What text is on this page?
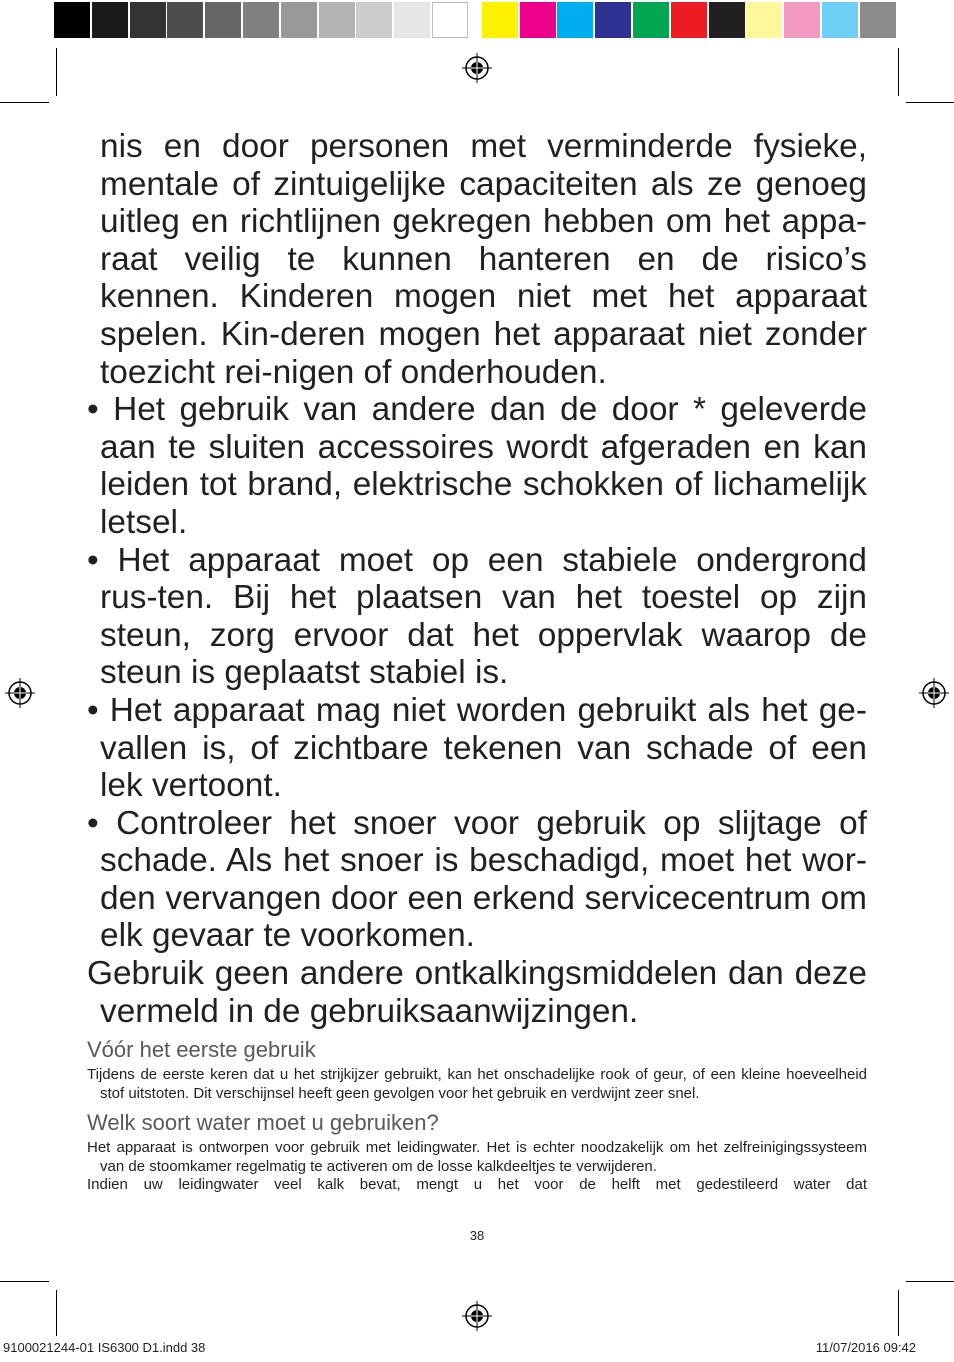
nis en door personen met verminderde fysieke, mentale of zintuigelijke capaciteiten als ze genoeg uitleg en richtlijnen gekregen hebben om het appa-raat veilig te kunnen hanteren en de risico’s kennen. Kinderen mogen niet met het apparaat spelen. Kin-deren mogen het apparaat niet zonder toezicht rei-nigen of onderhouden.

• Het gebruik van andere dan de door * geleverde aan te sluiten accessoires wordt afgeraden en kan leiden tot brand, elektrische schokken of lichamelijk letsel.

• Het apparaat moet op een stabiele ondergrond rus-ten. Bij het plaatsen van het toestel op zijn steun, zorg ervoor dat het oppervlak waarop de steun is geplaatst stabiel is.

• Het apparaat mag niet worden gebruikt als het ge-vallen is, of zichtbare tekenen van schade of een lek vertoont.

• Controleer het snoer voor gebruik op slijtage of schade. Als het snoer is beschadigd, moet het wor-den vervangen door een erkend servicecentrum om elk gevaar te voorkomen.

Gebruik geen andere ontkalkingsmiddelen dan deze vermeld in de gebruiksaanwijzingen.

Vóór het eerste gebruik

Tijdens de eerste keren dat u het strijkijzer gebruikt, kan het onschadelijke rook of geur, of een kleine hoeveelheid stof uitstoten. Dit verschijnsel heeft geen gevolgen voor het gebruik en verdwijnt zeer snel.

Welk soort water moet u gebruiken?

Het apparaat is ontworpen voor gebruik met leidingwater. Het is echter noodzakelijk om het zelfreinigingssysteem van de stoomkamer regelmatig te activeren om de losse kalkdeeltjes te verwijderen.

Indien uw leidingwater veel kalk bevat, mengt u het voor de helft met gedestileerd water dat

38
9100021244-01 IS6300 D1.indd 38	11/07/2016 09:42
